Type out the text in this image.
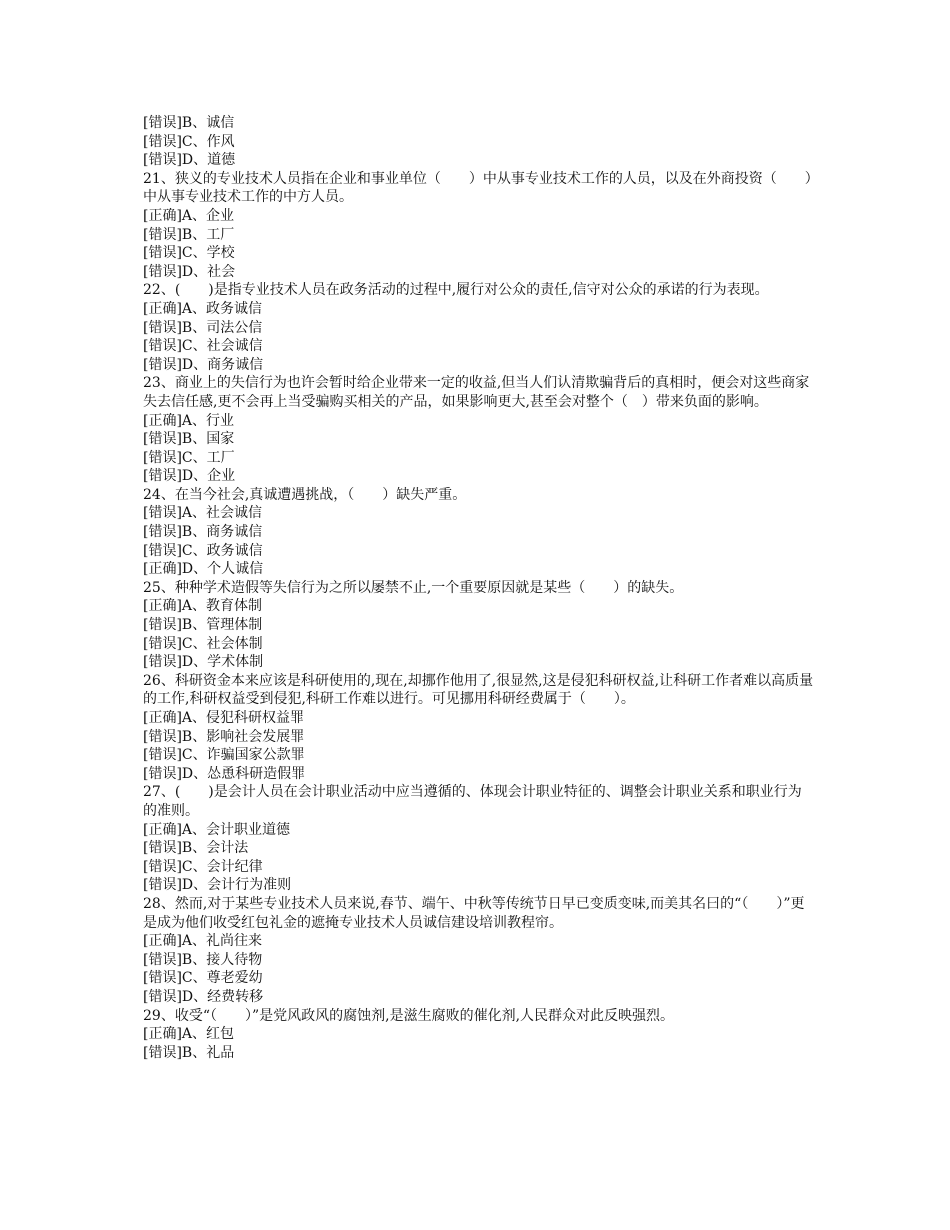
[错误]B、诚信
[错误]C、作风
[错误]D、道德
21、狭义的专业技术人员指在企业和事业单位（　　）中从事专业技术工作的人员，以及在外商投资（　　）中从事专业技术工作的中方人员。
[正确]A、企业
[错误]B、工厂
[错误]C、学校
[错误]D、社会
22、(　　)是指专业技术人员在政务活动的过程中,履行对公众的责任,信守对公众的承诺的行为表现。
[正确]A、政务诚信
[错误]B、司法公信
[错误]C、社会诚信
[错误]D、商务诚信
23、商业上的失信行为也许会暂时给企业带来一定的收益,但当人们认清欺骗背后的真相时，便会对这些商家失去信任感,更不会再上当受骗购买相关的产品，如果影响更大,甚至会对整个（　）带来负面的影响。
[正确]A、行业
[错误]B、国家
[错误]C、工厂
[错误]D、企业
24、在当今社会,真诚遭遇挑战，（　　）缺失严重。
[错误]A、社会诚信
[错误]B、商务诚信
[错误]C、政务诚信
[正确]D、个人诚信
25、种种学术造假等失信行为之所以屡禁不止,一个重要原因就是某些（　　）的缺失。
[正确]A、教育体制
[错误]B、管理体制
[错误]C、社会体制
[错误]D、学术体制
26、科研资金本来应该是科研使用的,现在,却挪作他用了,很显然,这是侵犯科研权益,让科研工作者难以高质量的工作,科研权益受到侵犯,科研工作难以进行。可见挪用科研经费属于（　　）。
[正确]A、侵犯科研权益罪
[错误]B、影响社会发展罪
[错误]C、诈骗国家公款罪
[错误]D、怂恿科研造假罪
27、(　　)是会计人员在会计职业活动中应当遵循的、体现会计职业特征的、调整会计职业关系和职业行为的准则。
[正确]A、会计职业道德
[错误]B、会计法
[错误]C、会计纪律
[错误]D、会计行为准则
28、然而,对于某些专业技术人员来说,春节、端午、中秋等传统节日早已变质变味,而美其名曰的“（　　）”更是成为他们收受红包礼金的遮掩专业技术人员诚信建设培训教程帘。
[正确]A、礼尚往来
[错误]B、接人待物
[错误]C、尊老爱幼
[错误]D、经费转移
29、收受“（　　）”是党风政风的腐蚀剂,是滋生腐败的催化剂,人民群众对此反映强烈。
[正确]A、红包
[错误]B、礼品
